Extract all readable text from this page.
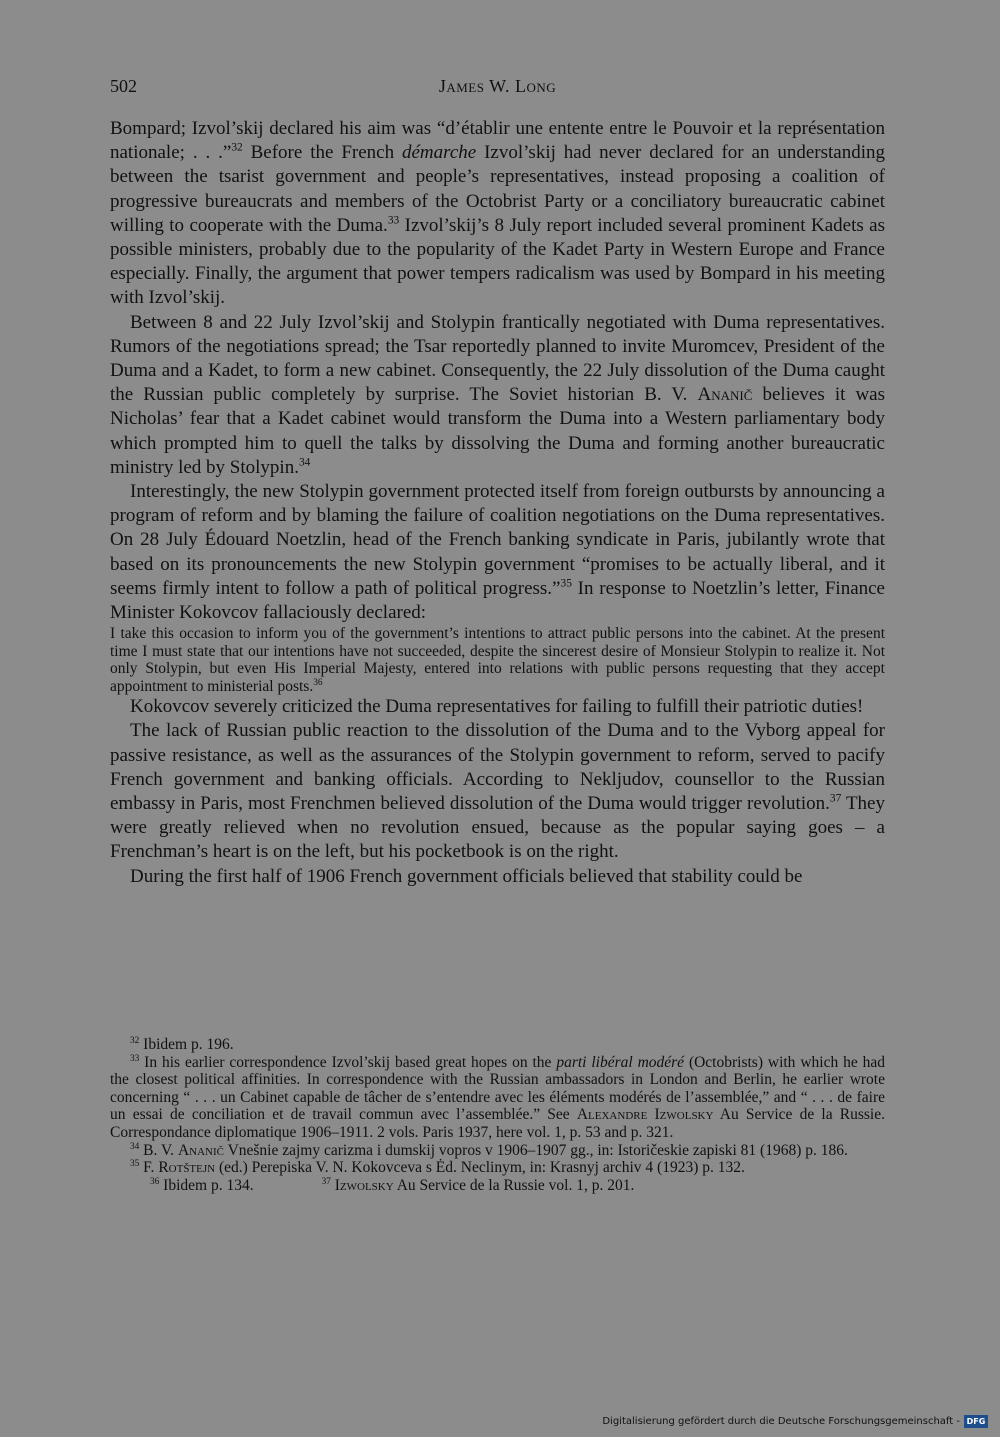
502	James W. Long

Bompard; Izvol’skij declared his aim was “d’établir une entente entre le Pouvoir et la représentation nationale; . . .”$^{32}$ Before the French démarche Izvol’skij had never declared for an understanding between the tsarist government and people’s representatives, instead proposing a coalition of progressive bureaucrats and members of the Octobrist Party or a conciliatory bureaucratic cabinet willing to cooperate with the Duma.$^{33}$ Izvol’skij’s 8 July report included several prominent Kadets as possible ministers, probably due to the popularity of the Kadet Party in Western Europe and France especially. Finally, the argument that power tempers radicalism was used by Bompard in his meeting with Izvol’skij.

Between 8 and 22 July Izvol’skij and Stolypin frantically negotiated with Duma representatives. Rumors of the negotiations spread; the Tsar reportedly planned to invite Muromcev, President of the Duma and a Kadet, to form a new cabinet. Consequently, the 22 July dissolution of the Duma caught the Russian public completely by surprise. The Soviet historian B. V. Ananič believes it was Nicholas’ fear that a Kadet cabinet would transform the Duma into a Western parliamentary body which prompted him to quell the talks by dissolving the Duma and forming another bureaucratic ministry led by Stolypin.$^{34}$

Interestingly, the new Stolypin government protected itself from foreign outbursts by announcing a program of reform and by blaming the failure of coalition negotiations on the Duma representatives. On 28 July Édouard Noetzlin, head of the French banking syndicate in Paris, jubilantly wrote that based on its pronouncements the new Stolypin government “promises to be actually liberal, and it seems firmly intent to follow a path of political progress.”$^{35}$ In response to Noetzlin’s letter, Finance Minister Kokovcov fallaciously declared:

I take this occasion to inform you of the government’s intentions to attract public persons into the cabinet. At the present time I must state that our intentions have not succeeded, despite the sincerest desire of Monsieur Stolypin to realize it. Not only Stolypin, but even His Imperial Majesty, entered into relations with public persons requesting that they accept appointment to ministerial posts.$^{36}$

Kokovcov severely criticized the Duma representatives for failing to fulfill their patriotic duties!

The lack of Russian public reaction to the dissolution of the Duma and to the Vyborg appeal for passive resistance, as well as the assurances of the Stolypin government to reform, served to pacify French government and banking officials. According to Nekljudov, counsellor to the Russian embassy in Paris, most Frenchmen believed dissolution of the Duma would trigger revolution.$^{37}$ They were greatly relieved when no revolution ensued, because as the popular saying goes – a Frenchman’s heart is on the left, but his pocketbook is on the right.

During the first half of 1906 French government officials believed that stability could be

$^{32}$ Ibidem p. 196.

$^{33}$ In his earlier correspondence Izvol’skij based great hopes on the parti libéral modéré (Octobrists) with which he had the closest political affinities. In correspondence with the Russian ambassadors in London and Berlin, he earlier wrote concerning “ . . . un Cabinet capable de tâcher de s’entendre avec les éléments modérés de l’assemblée,” and “ . . . de faire un essai de conciliation et de travail commun avec l’assemblée.” See Alexandre Izwolsky Au Service de la Russie. Correspondance diplomatique 1906–1911. 2 vols. Paris 1937, here vol. 1, p. 53 and p. 321.

$^{34}$ B. V. Ananič Vnešnie zajmy carizma i dumskij vopros v 1906–1907 gg., in: Istoričeskie zapiski 81 (1968) p. 186.

$^{35}$ F. Rotštejn (ed.) Perepiska V. N. Kokovceva s Ėd. Neclinym, in: Krasnyj archiv 4 (1923) p. 132.

$^{36}$ Ibidem p. 134.	$^{37}$ Izwolsky Au Service de la Russie vol. 1, p. 201.

Digitalisierung gefördert durch die Deutsche Forschungsgemeinschaft - DFG
